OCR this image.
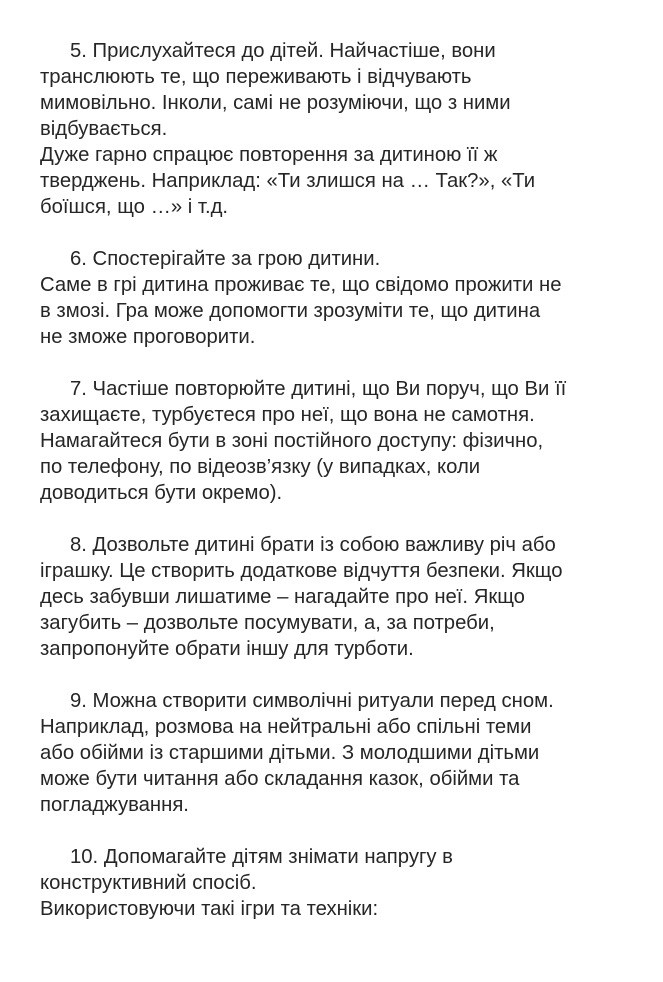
5. Прислухайтеся до дітей. Найчастіше, вони
транслюють те, що переживають і відчувають
мимовільно. Інколи, самі не розуміючи, що з ними
відбувається.
Дуже гарно спрацює повторення за дитиною її ж
тверджень. Наприклад: «Ти злишся на … Так?», «Ти
боїшся, що …» і т.д.
6. Спостерігайте за грою дитини.
Саме в грі дитина проживає те, що свідомо прожити не
в змозі. Гра може допомогти зрозуміти те, що дитина
не зможе проговорити.
7. Частіше повторюйте дитині, що Ви поруч, що Ви її
захищаєте, турбуєтеся про неї, що вона не самотня.
Намагайтеся бути в зоні постійного доступу: фізично,
по телефону, по відеозв’язку (у випадках, коли
доводиться бути окремо).
8. Дозвольте дитині брати із собою важливу річ або
іграшку. Це створить додаткове відчуття безпеки. Якщо
десь забувши лишатиме – нагадайте про неї. Якщо
загубить – дозвольте посумувати, а, за потреби,
запропонуйте обрати іншу для турботи.
9. Можна створити символічні ритуали перед сном.
Наприклад, розмова на нейтральні або спільні теми
або обійми із старшими дітьми. З молодшими дітьми
може бути читання або складання казок, обійми та
погладжування.
10. Допомагайте дітям знімати напругу в
конструктивний спосіб.
Використовуючи такі ігри та техніки:
